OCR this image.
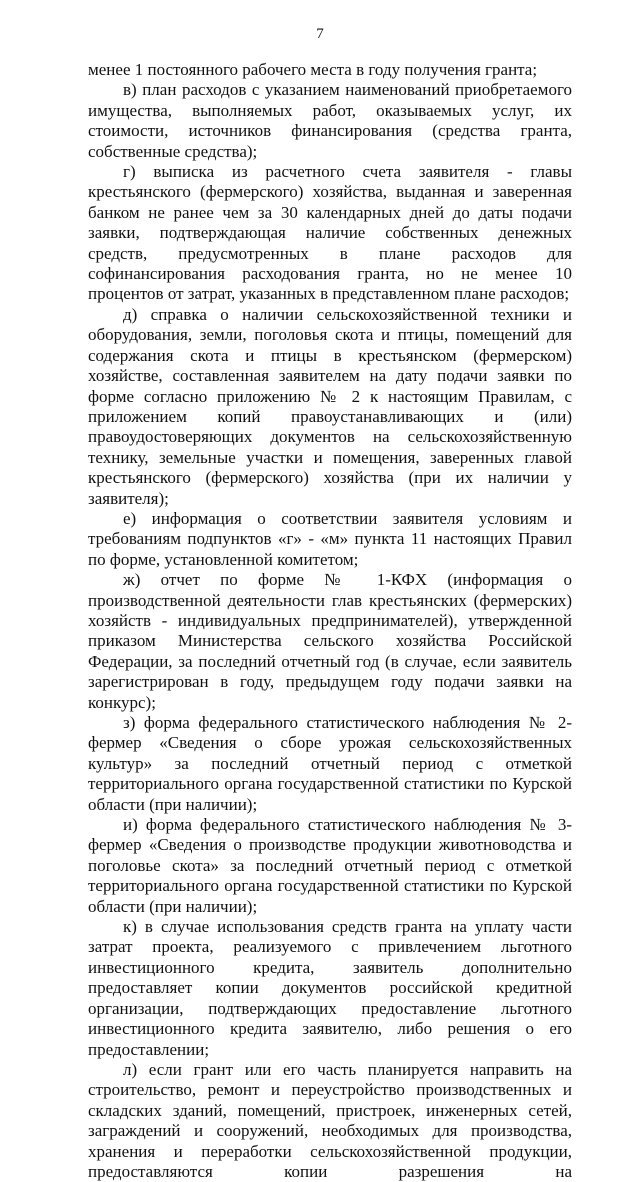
7

менее 1 постоянного рабочего места в году получения гранта;

в) план расходов с указанием наименований приобретаемого имущества, выполняемых работ, оказываемых услуг, их стоимости, источников финансирования (средства гранта, собственные средства);

г) выписка из расчетного счета заявителя - главы крестьянского (фермерского) хозяйства, выданная и заверенная банком не ранее чем за 30 календарных дней до даты подачи заявки, подтверждающая наличие собственных денежных средств, предусмотренных в плане расходов для софинансирования расходования гранта, но не менее 10 процентов от затрат, указанных в представленном плане расходов;

д) справка о наличии сельскохозяйственной техники и оборудования, земли, поголовья скота и птицы, помещений для содержания скота и птицы в крестьянском (фермерском) хозяйстве, составленная заявителем на дату подачи заявки по форме согласно приложению № 2 к настоящим Правилам, с приложением копий правоустанавливающих и (или) правоудостоверяющих документов на сельскохозяйственную технику, земельные участки и помещения, заверенных главой крестьянского (фермерского) хозяйства (при их наличии у заявителя);

е) информация о соответствии заявителя условиям и требованиям подпунктов «г» - «м» пункта 11 настоящих Правил по форме, установленной комитетом;

ж) отчет по форме № 1-КФХ (информация о производственной деятельности глав крестьянских (фермерских) хозяйств - индивидуальных предпринимателей), утвержденной приказом Министерства сельского хозяйства Российской Федерации, за последний отчетный год (в случае, если заявитель зарегистрирован в году, предыдущем году подачи заявки на конкурс);

з) форма федерального статистического наблюдения № 2-фермер «Сведения о сборе урожая сельскохозяйственных культур» за последний отчетный период с отметкой территориального органа государственной статистики по Курской области (при наличии);

и) форма федерального статистического наблюдения № 3-фермер «Сведения о производстве продукции животноводства и поголовье скота» за последний отчетный период с отметкой территориального органа государственной статистики по Курской области (при наличии);

к) в случае использования средств гранта на уплату части затрат проекта, реализуемого с привлечением льготного инвестиционного кредита, заявитель дополнительно предоставляет копии документов российской кредитной организации, подтверждающих предоставление льготного инвестиционного кредита заявителю, либо решения о его предоставлении;

л) если грант или его часть планируется направить на строительство, ремонт и переустройство производственных и складских зданий, помещений, пристроек, инженерных сетей, заграждений и сооружений, необходимых для производства, хранения и переработки сельскохозяйственной продукции, предоставляются копии разрешения на
